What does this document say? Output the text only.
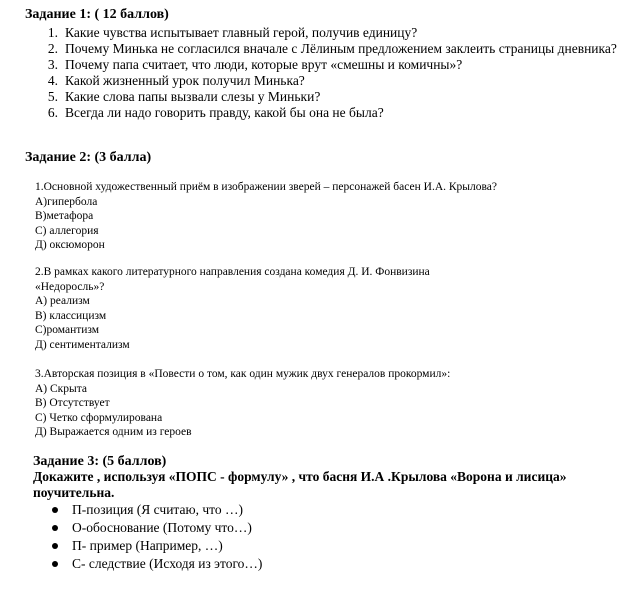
Задание 1: ( 12 баллов)
1. Какие чувства испытывает главный герой, получив единицу?
2. Почему Минька не согласился вначале с Лёлиным предложением заклеить страницы дневника?
3. Почему папа считает, что люди, которые врут «смешны и комичны»?
4. Какой жизненный урок получил Минька?
5. Какие слова папы вызвали слезы у Миньки?
6. Всегда ли надо говорить правду, какой бы она не была?
Задание 2: (3 балла)
1.Основной художественный приём в изображении зверей – персонажей басен И.А. Крылова?
А)гипербола
В)метафора
С) аллегория
Д) оксюморон
2.В рамках какого литературного направления создана комедия Д. И. Фонвизина
«Недоросль»?
А) реализм
В) классицизм
С)романтизм
Д) сентиментализм
3.Авторская позиция в «Повести о том, как один мужик двух генералов прокормил»:
А) Скрыта
В) Отсутствует
С) Четко сформулирована
Д) Выражается одним из героев
Задание 3: (5 баллов)
Докажите , используя «ПОПС - формулу» , что басня И.А .Крылова «Ворона и лисица» поучительна.
П-позиция (Я считаю, что …)
О-обоснование (Потому что…)
П- пример (Например, …)
С- следствие (Исходя из этого…)
